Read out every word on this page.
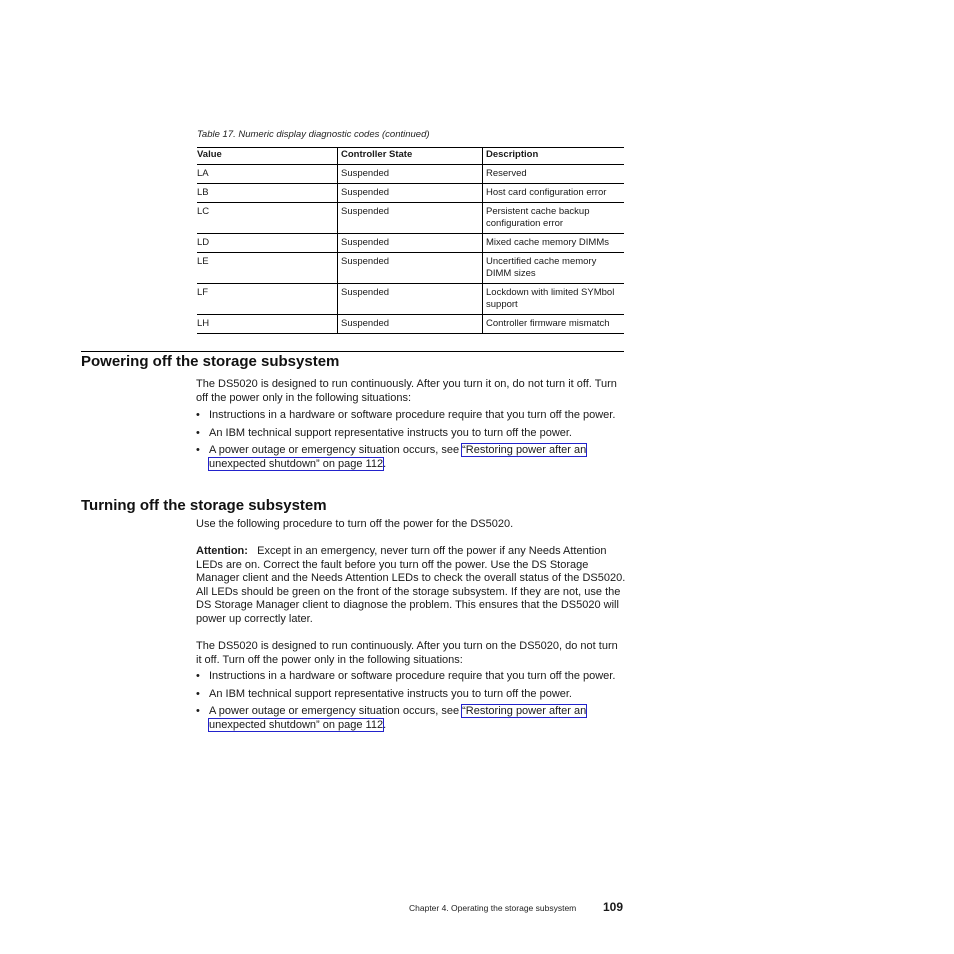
Table 17. Numeric display diagnostic codes (continued)
Value	Controller State	Description
LA	Suspended	Reserved
LB	Suspended	Host card configuration error
LC	Suspended	Persistent cache backup configuration error
LD	Suspended	Mixed cache memory DIMMs
LE	Suspended	Uncertified cache memory DIMM sizes
LF	Suspended	Lockdown with limited SYMbol support
LH	Suspended	Controller firmware mismatch
Powering off the storage subsystem

The DS5020 is designed to run continuously. After you turn it on, do not turn it off. Turn off the power only in the following situations:

• Instructions in a hardware or software procedure require that you turn off the power.
• An IBM technical support representative instructs you to turn off the power.
• A power outage or emergency situation occurs, see “Restoring power after an unexpected shutdown” on page 112.
Turning off the storage subsystem

Use the following procedure to turn off the power for the DS5020.

Attention: Except in an emergency, never turn off the power if any Needs Attention LEDs are on. Correct the fault before you turn off the power. Use the DS Storage Manager client and the Needs Attention LEDs to check the overall status of the DS5020. All LEDs should be green on the front of the storage subsystem. If they are not, use the DS Storage Manager client to diagnose the problem. This ensures that the DS5020 will power up correctly later.

The DS5020 is designed to run continuously. After you turn on the DS5020, do not turn it off. Turn off the power only in the following situations:

• Instructions in a hardware or software procedure require that you turn off the power.
• An IBM technical support representative instructs you to turn off the power.
• A power outage or emergency situation occurs, see “Restoring power after an unexpected shutdown” on page 112.
Chapter 4. Operating the storage subsystem 109
